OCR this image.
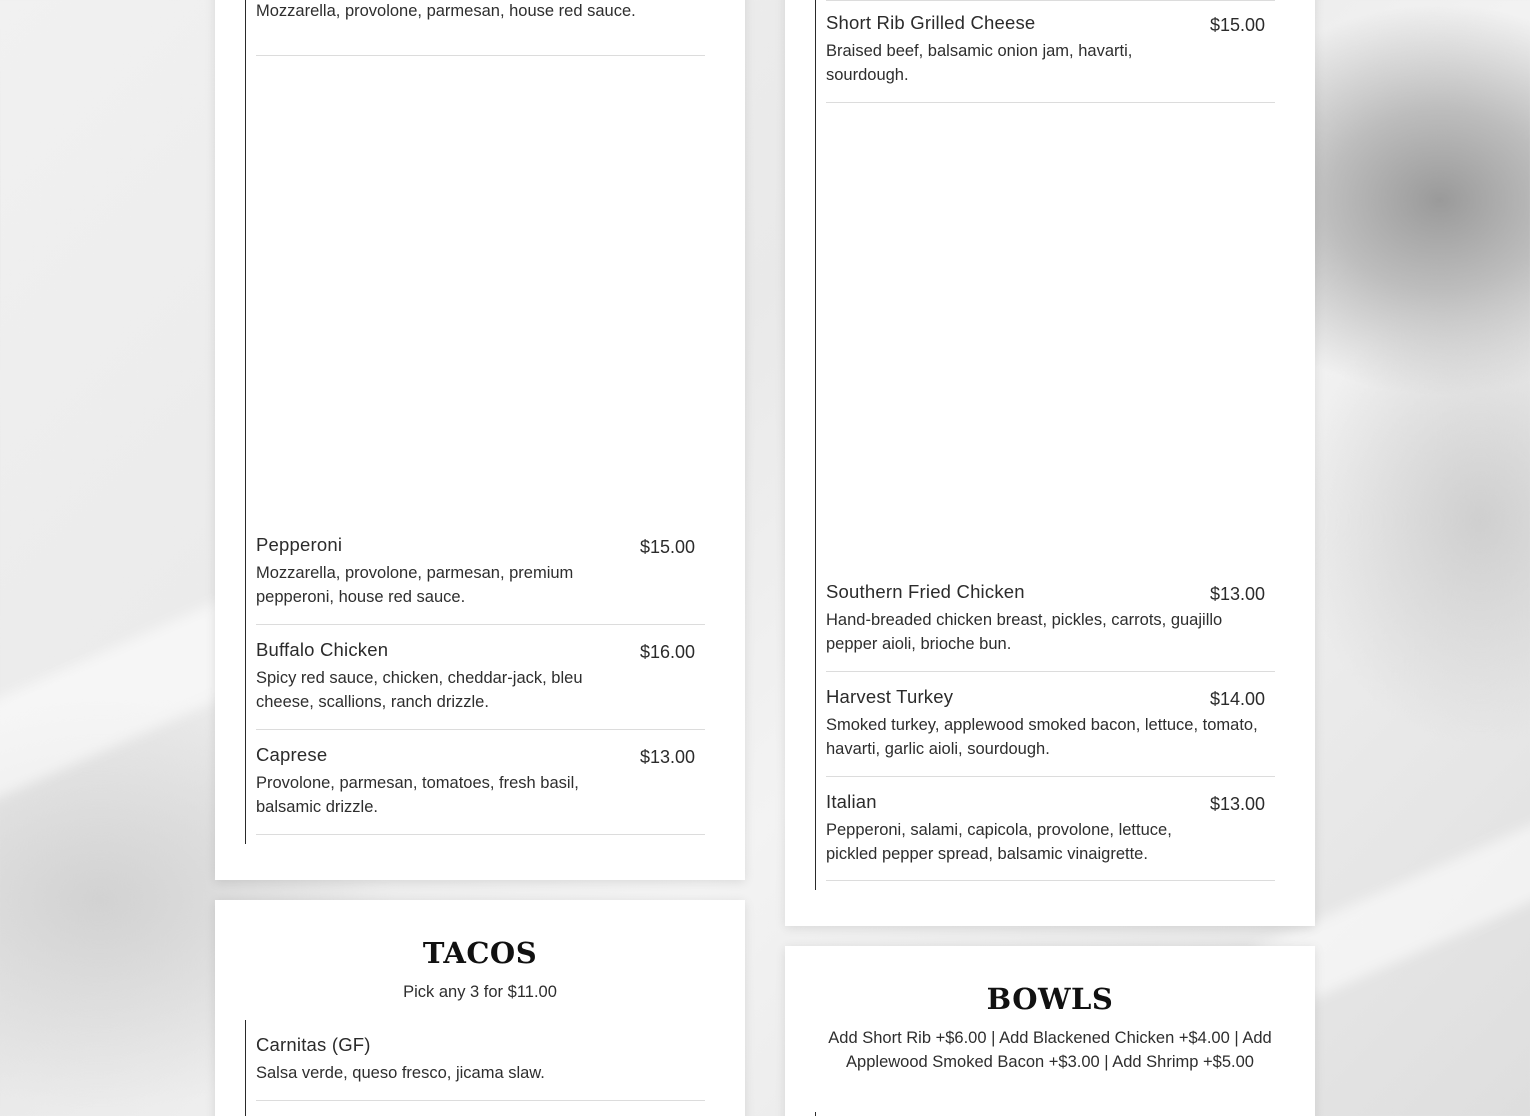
Mozzarella, provolone, parmesan, house red sauce.
Pepperoni	$15.00
Mozzarella, provolone, parmesan, premium pepperoni, house red sauce.
Buffalo Chicken	$16.00
Spicy red sauce, chicken, cheddar-jack, bleu cheese, scallions, ranch drizzle.
Caprese	$13.00
Provolone, parmesan, tomatoes, fresh basil, balsamic drizzle.
Short Rib Grilled Cheese	$15.00
Braised beef, balsamic onion jam, havarti, sourdough.
Southern Fried Chicken	$13.00
Hand-breaded chicken breast, pickles, carrots, guajillo pepper aioli, brioche bun.
Harvest Turkey	$14.00
Smoked turkey, applewood smoked bacon, lettuce, tomato, havarti, garlic aioli, sourdough.
Italian	$13.00
Pepperoni, salami, capicola, provolone, lettuce, pickled pepper spread, balsamic vinaigrette.
TACOS
Pick any 3 for $11.00
Carnitas (GF)
Salsa verde, queso fresco, jicama slaw.
BOWLS
Add Short Rib +$6.00 | Add Blackened Chicken +$4.00 | Add Applewood Smoked Bacon +$3.00 | Add Shrimp +$5.00
